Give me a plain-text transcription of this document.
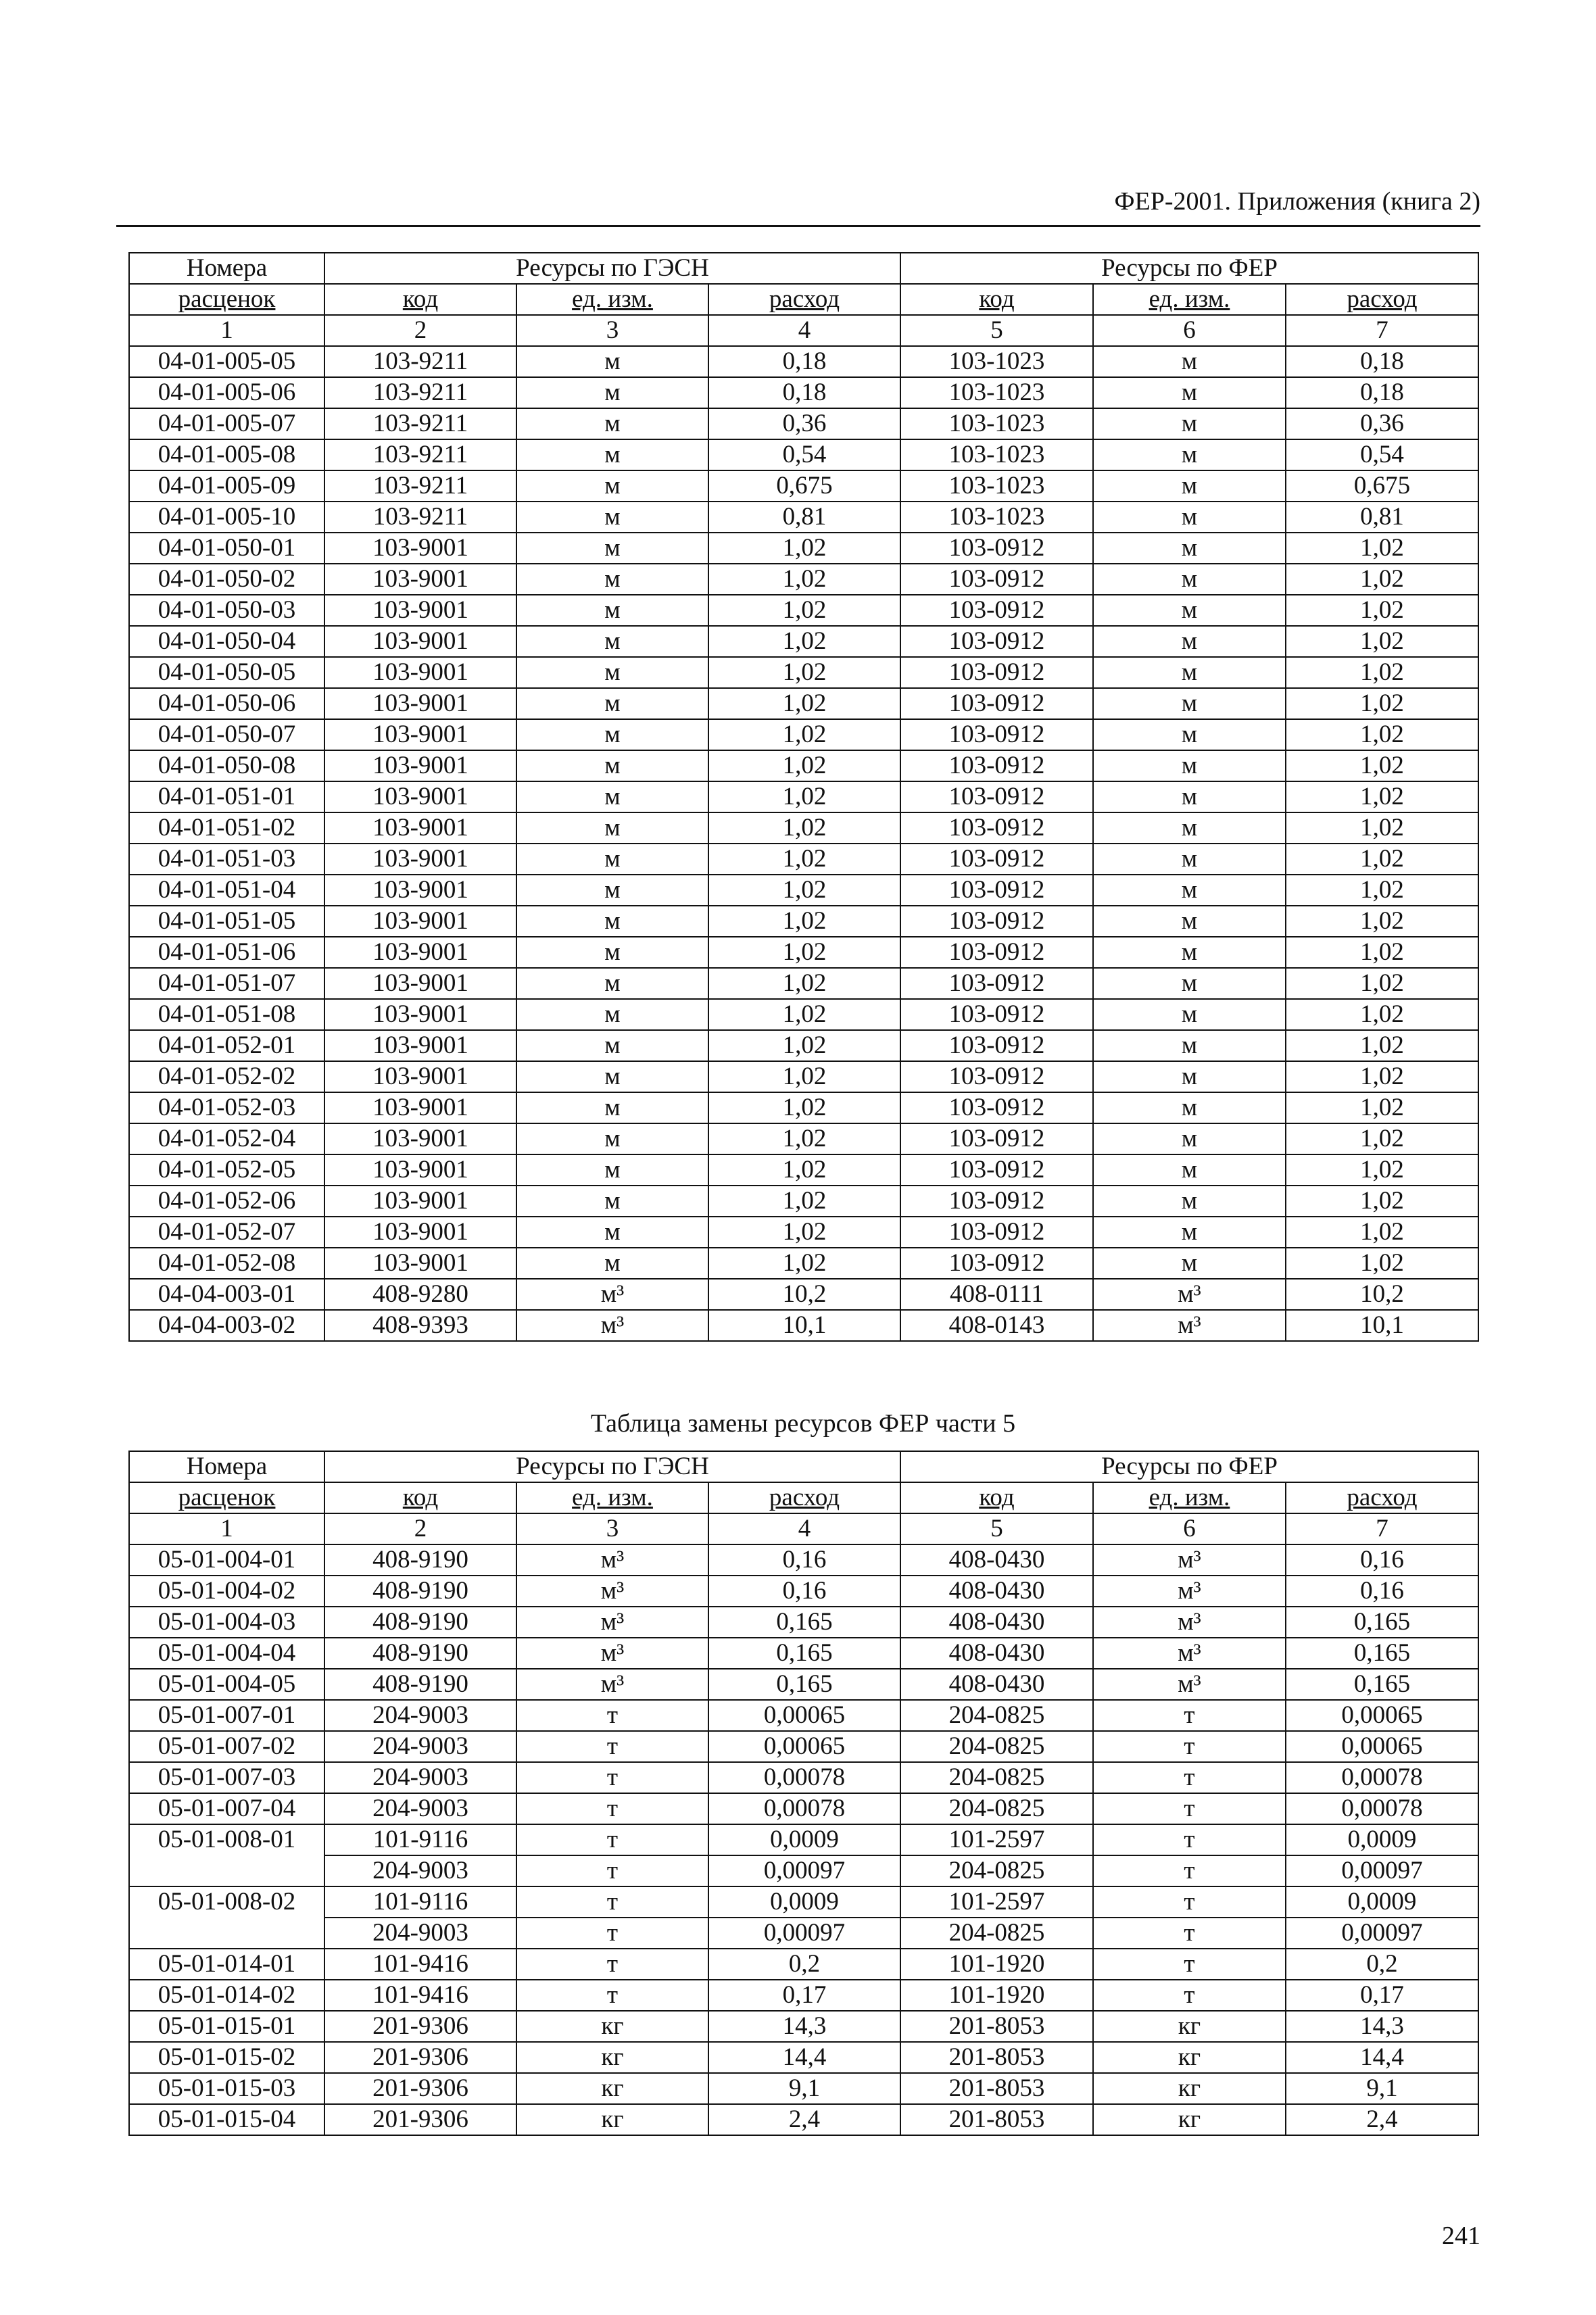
ФЕР-2001. Приложения (книга 2)
Номера	Ресурсы по ГЭСН			Ресурсы по ФЕР		
расценок	код	ед. изм.	расход	код	ед. изм.	расход
1	2	3	4	5	6	7
04-01-005-05	103-9211	м	0,18	103-1023	м	0,18
04-01-005-06	103-9211	м	0,18	103-1023	м	0,18
04-01-005-07	103-9211	м	0,36	103-1023	м	0,36
04-01-005-08	103-9211	м	0,54	103-1023	м	0,54
04-01-005-09	103-9211	м	0,675	103-1023	м	0,675
04-01-005-10	103-9211	м	0,81	103-1023	м	0,81
04-01-050-01	103-9001	м	1,02	103-0912	м	1,02
04-01-050-02	103-9001	м	1,02	103-0912	м	1,02
04-01-050-03	103-9001	м	1,02	103-0912	м	1,02
04-01-050-04	103-9001	м	1,02	103-0912	м	1,02
04-01-050-05	103-9001	м	1,02	103-0912	м	1,02
04-01-050-06	103-9001	м	1,02	103-0912	м	1,02
04-01-050-07	103-9001	м	1,02	103-0912	м	1,02
04-01-050-08	103-9001	м	1,02	103-0912	м	1,02
04-01-051-01	103-9001	м	1,02	103-0912	м	1,02
04-01-051-02	103-9001	м	1,02	103-0912	м	1,02
04-01-051-03	103-9001	м	1,02	103-0912	м	1,02
04-01-051-04	103-9001	м	1,02	103-0912	м	1,02
04-01-051-05	103-9001	м	1,02	103-0912	м	1,02
04-01-051-06	103-9001	м	1,02	103-0912	м	1,02
04-01-051-07	103-9001	м	1,02	103-0912	м	1,02
04-01-051-08	103-9001	м	1,02	103-0912	м	1,02
04-01-052-01	103-9001	м	1,02	103-0912	м	1,02
04-01-052-02	103-9001	м	1,02	103-0912	м	1,02
04-01-052-03	103-9001	м	1,02	103-0912	м	1,02
04-01-052-04	103-9001	м	1,02	103-0912	м	1,02
04-01-052-05	103-9001	м	1,02	103-0912	м	1,02
04-01-052-06	103-9001	м	1,02	103-0912	м	1,02
04-01-052-07	103-9001	м	1,02	103-0912	м	1,02
04-01-052-08	103-9001	м	1,02	103-0912	м	1,02
04-04-003-01	408-9280	м³	10,2	408-0111	м³	10,2
04-04-003-02	408-9393	м³	10,1	408-0143	м³	10,1
Таблица замены ресурсов ФЕР части 5
Номера	Ресурсы по ГЭСН			Ресурсы по ФЕР		
расценок	код	ед. изм.	расход	код	ед. изм.	расход
1	2	3	4	5	6	7
05-01-004-01	408-9190	м³	0,16	408-0430	м³	0,16
05-01-004-02	408-9190	м³	0,16	408-0430	м³	0,16
05-01-004-03	408-9190	м³	0,165	408-0430	м³	0,165
05-01-004-04	408-9190	м³	0,165	408-0430	м³	0,165
05-01-004-05	408-9190	м³	0,165	408-0430	м³	0,165
05-01-007-01	204-9003	т	0,00065	204-0825	т	0,00065
05-01-007-02	204-9003	т	0,00065	204-0825	т	0,00065
05-01-007-03	204-9003	т	0,00078	204-0825	т	0,00078
05-01-007-04	204-9003	т	0,00078	204-0825	т	0,00078
05-01-008-01	101-9116	т	0,0009	101-2597	т	0,0009
	204-9003	т	0,00097	204-0825	т	0,00097
05-01-008-02	101-9116	т	0,0009	101-2597	т	0,0009
	204-9003	т	0,00097	204-0825	т	0,00097
05-01-014-01	101-9416	т	0,2	101-1920	т	0,2
05-01-014-02	101-9416	т	0,17	101-1920	т	0,17
05-01-015-01	201-9306	кг	14,3	201-8053	кг	14,3
05-01-015-02	201-9306	кг	14,4	201-8053	кг	14,4
05-01-015-03	201-9306	кг	9,1	201-8053	кг	9,1
05-01-015-04	201-9306	кг	2,4	201-8053	кг	2,4
241
